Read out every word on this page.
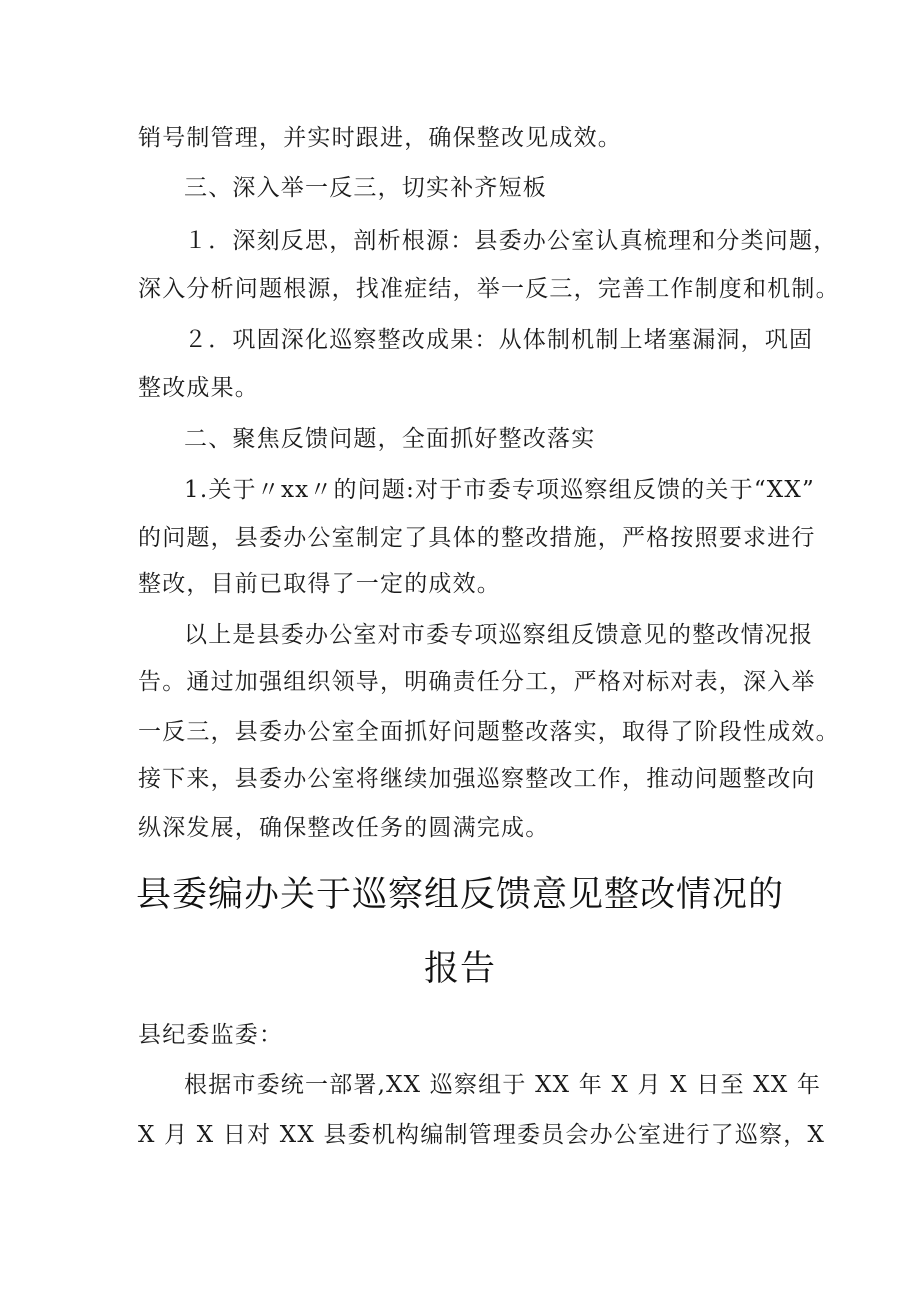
销号制管理，并实时跟进，确保整改见成效。
三、深入举一反三，切实补齐短板
１．深刻反思，剖析根源：县委办公室认真梳理和分类问题，
深入分析问题根源，找准症结，举一反三，完善工作制度和机制。
２．巩固深化巡察整改成果：从体制机制上堵塞漏洞，巩固
整改成果。
二、聚焦反馈问题，全面抓好整改落实
1.关于〃xx〃的问题:对于市委专项巡察组反馈的关于“XX”
的问题，县委办公室制定了具体的整改措施，严格按照要求进行
整改，目前已取得了一定的成效。
以上是县委办公室对市委专项巡察组反馈意见的整改情况报
告。通过加强组织领导，明确责任分工，严格对标对表，深入举
一反三，县委办公室全面抓好问题整改落实，取得了阶段性成效。
接下来，县委办公室将继续加强巡察整改工作，推动问题整改向
纵深发展，确保整改任务的圆满完成。
县委编办关于巡察组反馈意见整改情况的
报告
县纪委监委：
根据市委统一部署,XX 巡察组于 XX 年 X 月 X 日至 XX 年
X 月 X 日对 XX 县委机构编制管理委员会办公室进行了巡察，X
